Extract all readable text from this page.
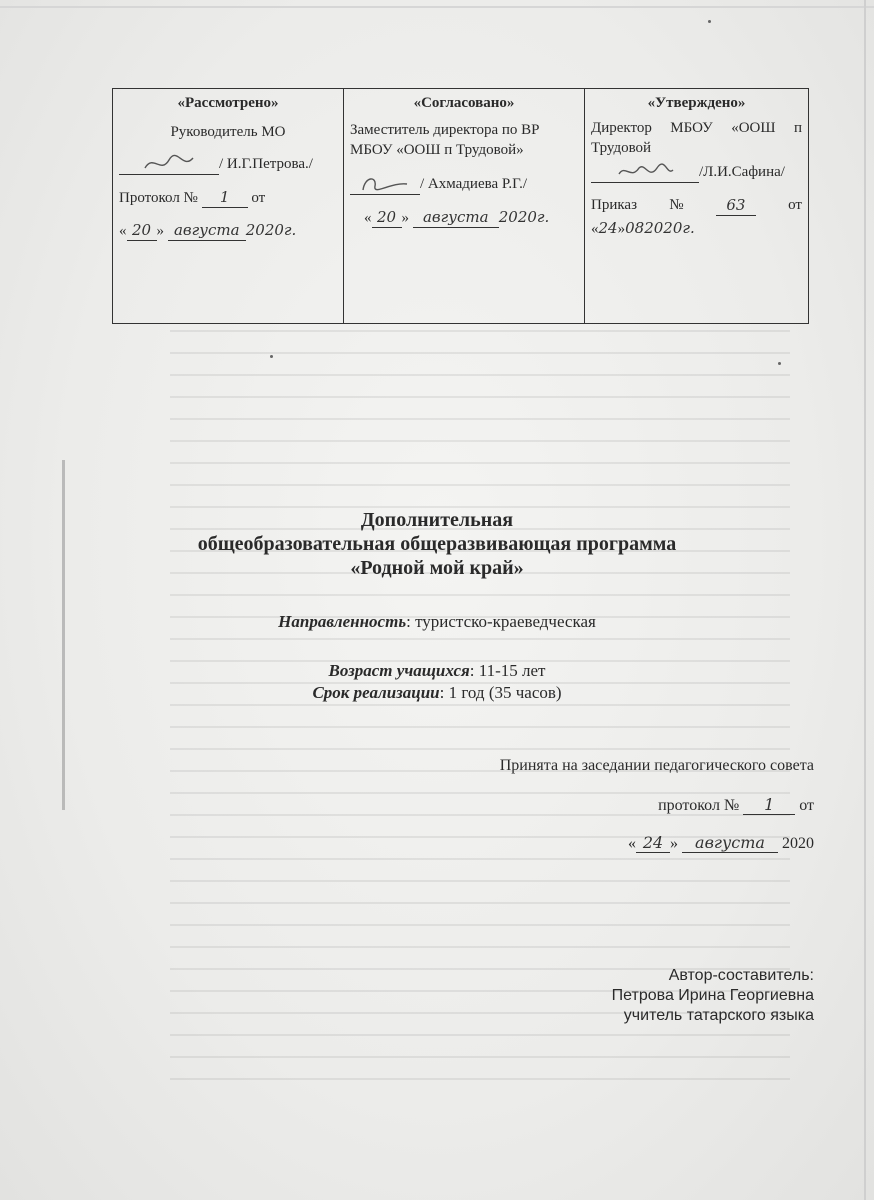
«Рассмотрено»
Руководитель МО
/ И.Г.Петрова./
Протокол № 1 от
« 20 » августа 2020г.

«Согласовано»
Заместитель директора по ВР МБОУ «ООШ п Трудовой»
/ Ахмадиева Р.Г./
« 20 » августа 2020г.

«Утверждено»
Директор МБОУ «ООШ п Трудовой
/Л.И.Сафина/
Приказ №	63	от
«24»082020г.
Дополнительная
общеобразовательная общеразвивающая программа
«Родной мой край»
Направленность: туристско-краеведческая
Возраст учащихся: 11-15 лет
Срок реализации: 1 год (35 часов)
Принята на заседании педагогического совета
протокол № 1 от
« 24 » августа 2020
Автор-составитель:
Петрова Ирина Георгиевна
учитель татарского языка
